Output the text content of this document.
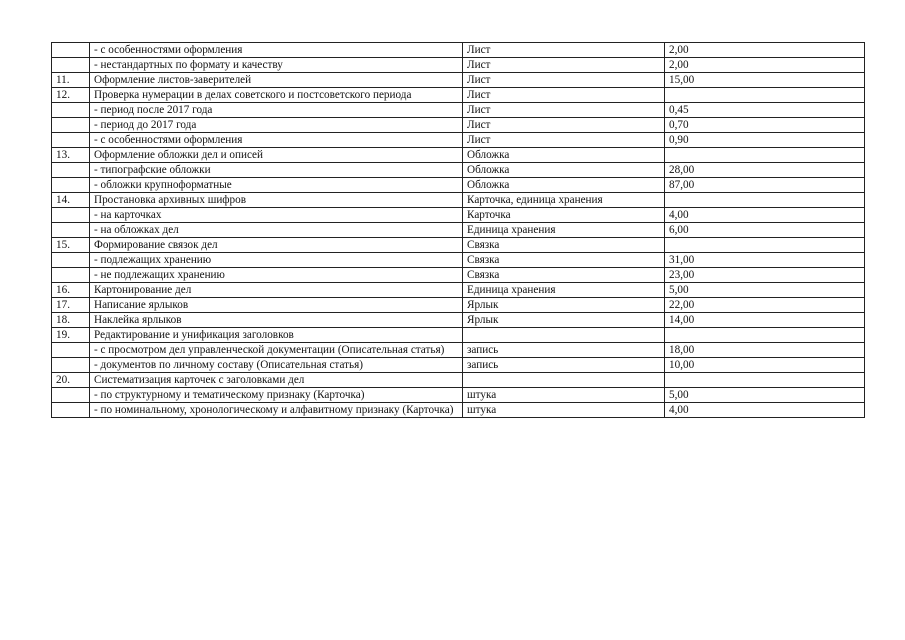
	- с особенностями оформления	Лист	2,00
	- нестандартных по формату и качеству	Лист	2,00
11.	Оформление листов-заверителей	Лист	15,00
12.	Проверка нумерации в делах советского и постсоветского периода	Лист	
	- период после 2017 года	Лист	0,45
	- период до 2017 года	Лист	0,70
	- с особенностями оформления	Лист	0,90
13.	Оформление обложки дел и описей	Обложка	
	- типографские обложки	Обложка	28,00
	- обложки крупноформатные	Обложка	87,00
14.	Простановка архивных шифров	Карточка, единица хранения	
	- на карточках	Карточка	4,00
	- на обложках дел	Единица хранения	6,00
15.	Формирование связок дел	Связка	
	- подлежащих хранению	Связка	31,00
	- не подлежащих хранению	Связка	23,00
16.	Картонирование дел	Единица хранения	5,00
17.	Написание ярлыков	Ярлык	22,00
18.	Наклейка ярлыков	Ярлык	14,00
19.	Редактирование и унификация заголовков		
	- с просмотром дел управленческой документации (Описательная статья)	запись	18,00
	- документов по личному составу (Описательная статья)	запись	10,00
20.	Систематизация карточек с заголовками дел		
	- по структурному и тематическому признаку (Карточка)	штука	5,00
	- по номинальному, хронологическому и алфавитному признаку (Карточка)	штука	4,00
